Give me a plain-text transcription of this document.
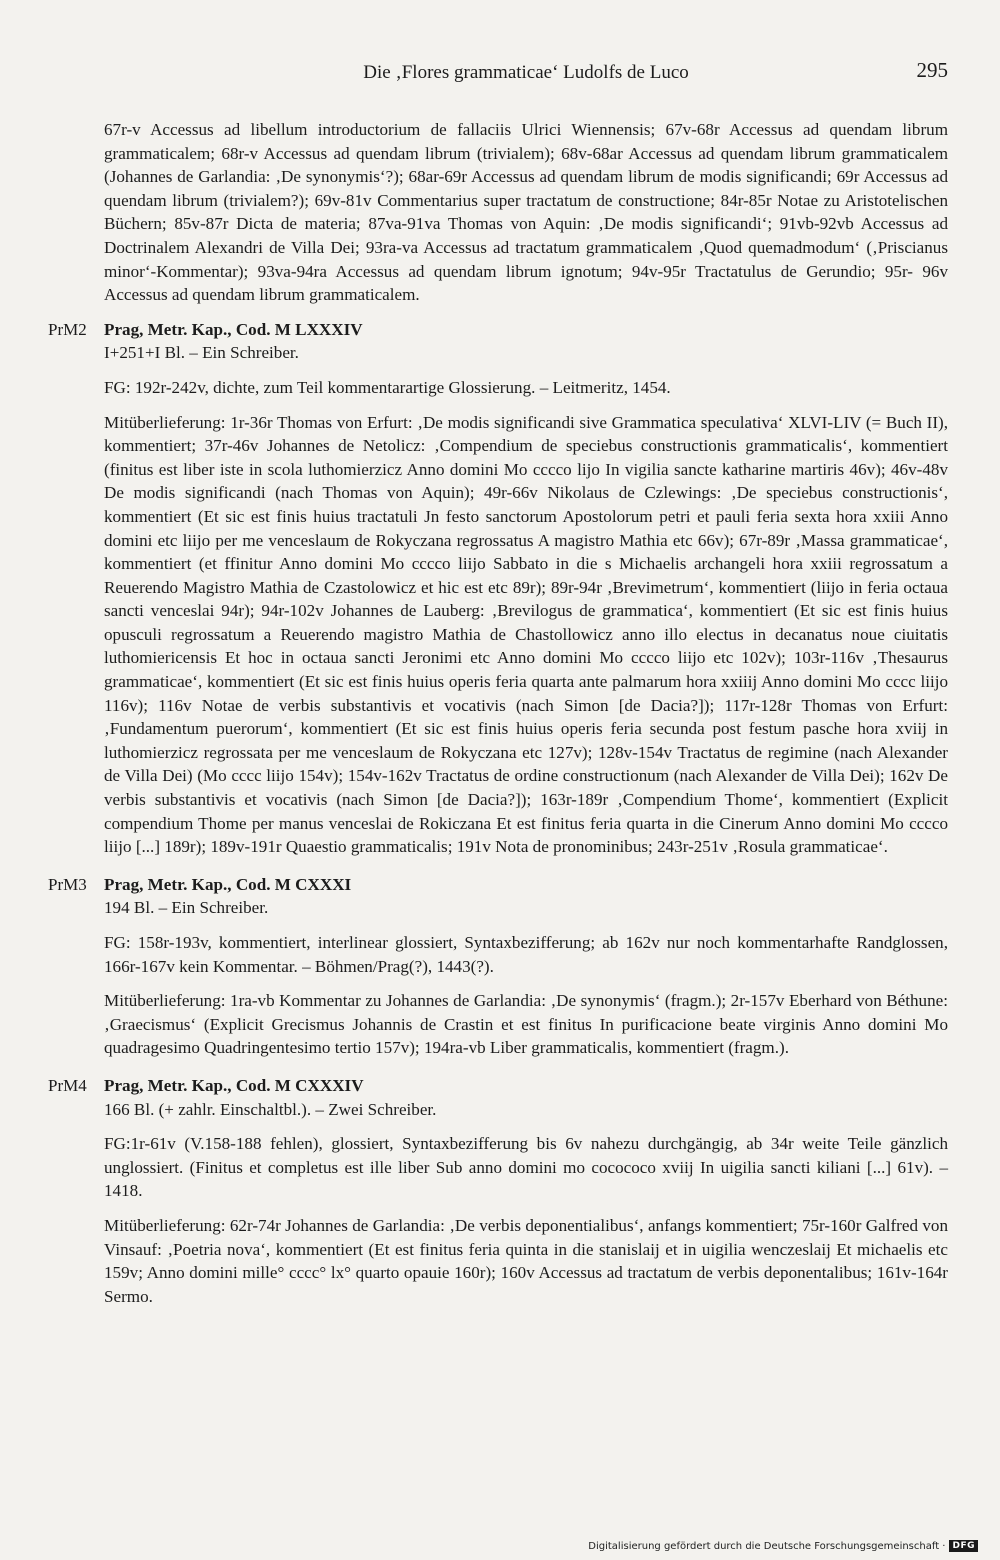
Die ‚Flores grammaticae‘ Ludolfs de Luco	295

67r-v Accessus ad libellum introductorium de fallaciis Ulrici Wiennensis; 67v-68r Accessus ad quendam librum grammaticalem; 68r-v Accessus ad quendam librum (trivialem); 68v-68ar Accessus ad quendam librum grammaticalem (Johannes de Garlandia: ‚De synonymis‘?); 68ar-69r Accessus ad quendam librum de modis significandi; 69r Accessus ad quendam librum (trivialem?); 69v-81v Commentarius super tractatum de constructione; 84r-85r Notae zu Aristotelischen Büchern; 85v-87r Dicta de materia; 87va-91va Thomas von Aquin: ‚De modis significandi‘; 91vb-92vb Accessus ad Doctrinalem Alexandri de Villa Dei; 93ra-va Accessus ad tractatum grammaticalem ‚Quod quemadmodum‘ (‚Priscianus minor‘-Kommentar); 93va-94ra Accessus ad quendam librum ignotum; 94v-95r Tractatulus de Gerundio; 95r- 96v Accessus ad quendam librum grammaticalem.

PrM2	Prag, Metr. Kap., Cod. M LXXXIV

I+251+I Bl. – Ein Schreiber.

FG: 192r-242v, dichte, zum Teil kommentarartige Glossierung. – Leitmeritz, 1454.

Mitüberlieferung: 1r-36r Thomas von Erfurt: ‚De modis significandi sive Grammatica speculativa‘ XLVI-LIV (= Buch II), kommentiert; 37r-46v Johannes de Netolicz: ‚Compendium de speciebus constructionis grammaticalis‘, kommentiert (finitus est liber iste in scola luthomierzicz Anno domini Mo cccco lijo In vigilia sancte katharine martiris 46v); 46v-48v De modis significandi (nach Thomas von Aquin); 49r-66v Nikolaus de Czlewings: ‚De speciebus constructionis‘, kommentiert (Et sic est finis huius tractatuli Jn festo sanctorum Apostolorum petri et pauli feria sexta hora xxiii Anno domini etc liijo per me venceslaum de Rokyczana regrossatus A magistro Mathia etc 66v); 67r-89r ‚Massa grammaticae‘, kommentiert (et ffinitur Anno domini Mo cccco liijo Sabbato in die s Michaelis archangeli hora xxiii regrossatum a Reuerendo Magistro Mathia de Czastolowicz et hic est etc 89r); 89r-94r ‚Brevimetrum‘, kommentiert (liijo in feria octaua sancti venceslai 94r); 94r-102v Johannes de Lauberg: ‚Brevilogus de grammatica‘, kommentiert (Et sic est finis huius opusculi regrossatum a Reuerendo magistro Mathia de Chastollowicz anno illo electus in decanatus noue ciuitatis luthomiericensis Et hoc in octaua sancti Jeronimi etc Anno domini Mo cccco liijo etc 102v); 103r-116v ‚Thesaurus grammaticae‘, kommentiert (Et sic est finis huius operis feria quarta ante palmarum hora xxiiij Anno domini Mo cccc liijo 116v); 116v Notae de verbis substantivis et vocativis (nach Simon [de Dacia?]); 117r-128r Thomas von Erfurt: ‚Fundamentum puerorum‘, kommentiert (Et sic est finis huius operis feria secunda post festum pasche hora xviij in luthomierzicz regrossata per me venceslaum de Rokyczana etc 127v); 128v-154v Tractatus de regimine (nach Alexander de Villa Dei) (Mo cccc liijo 154v); 154v-162v Tractatus de ordine constructionum (nach Alexander de Villa Dei); 162v De verbis substantivis et vocativis (nach Simon [de Dacia?]); 163r-189r ‚Compendium Thome‘, kommentiert (Explicit compendium Thome per manus venceslai de Rokiczana Et est finitus feria quarta in die Cinerum Anno domini Mo cccco liijo [...] 189r); 189v-191r Quaestio grammaticalis; 191v Nota de pronominibus; 243r-251v ‚Rosula grammaticae‘.

PrM3	Prag, Metr. Kap., Cod. M CXXXI

194 Bl. – Ein Schreiber.

FG: 158r-193v, kommentiert, interlinear glossiert, Syntaxbezifferung; ab 162v nur noch kommentarhafte Randglossen, 166r-167v kein Kommentar. – Böhmen/Prag(?), 1443(?).

Mitüberlieferung: 1ra-vb Kommentar zu Johannes de Garlandia: ‚De synonymis‘ (fragm.); 2r-157v Eberhard von Béthune: ‚Graecismus‘ (Explicit Grecismus Johannis de Crastin et est finitus In purificacione beate virginis Anno domini Mo quadragesimo Quadringentesimo tertio 157v); 194ra-vb Liber grammaticalis, kommentiert (fragm.).

PrM4	Prag, Metr. Kap., Cod. M CXXXIV

166 Bl. (+ zahlr. Einschaltbl.). – Zwei Schreiber.

FG:1r-61v (V.158-188 fehlen), glossiert, Syntaxbezifferung bis 6v nahezu durchgängig, ab 34r weite Teile gänzlich unglossiert. (Finitus et completus est ille liber Sub anno domini mo cocococo xviij In uigilia sancti kiliani [...] 61v). – 1418.

Mitüberlieferung: 62r-74r Johannes de Garlandia: ‚De verbis deponentialibus‘, anfangs kommentiert; 75r-160r Galfred von Vinsauf: ‚Poetria nova‘, kommentiert (Et est finitus feria quinta in die stanislaij et in uigilia wenczeslaij Et michaelis etc 159v; Anno domini mille° cccc° lx° quarto opauie 160r); 160v Accessus ad tractatum de verbis deponentalibus; 161v-164r Sermo.

Digitalisierung gefördert durch die Deutsche Forschungsgemeinschaft · DFG
